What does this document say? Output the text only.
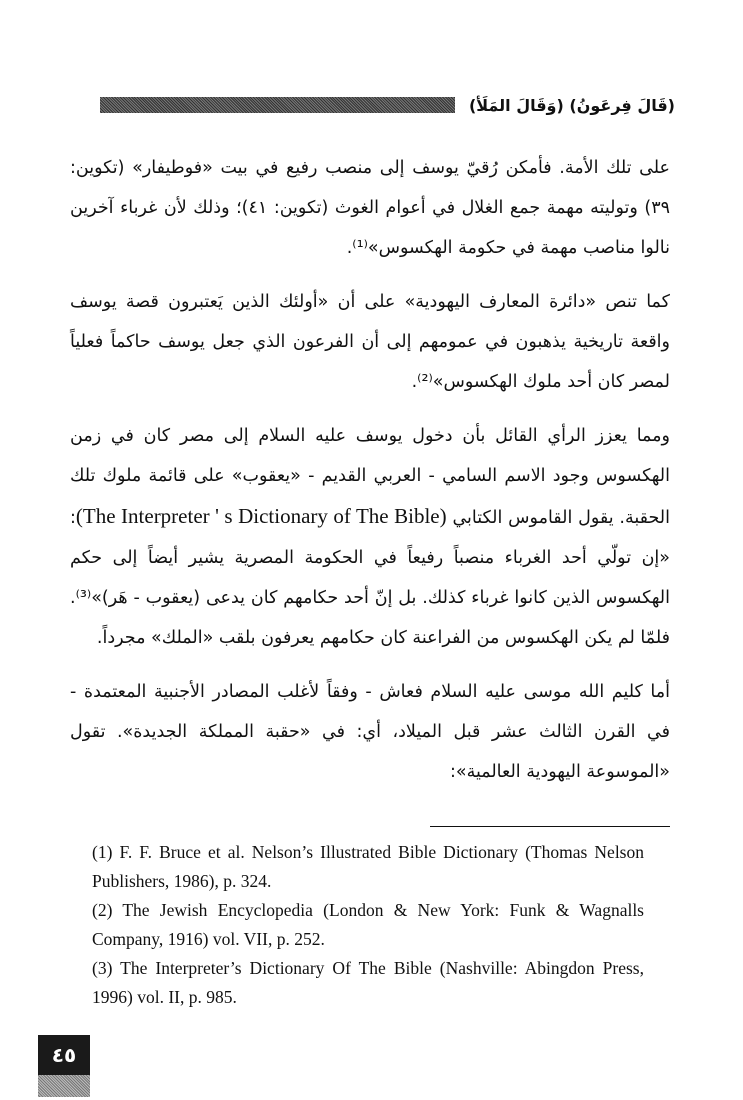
(قَالَ فِرعَونُ) (وَقَالَ المَلَأ)

على تلك الأمة. فأمكن رُقيّ يوسف إلى منصب رفيع في بيت «فوطيفار» (تكوين: ٣٩) وتوليته مهمة جمع الغلال في أعوام الغوث (تكوين: ٤١)؛ وذلك لأن غرباء آخرين نالوا مناصب مهمة في حكومة الهكسوس»⁽¹⁾.

كما تنص «دائرة المعارف اليهودية» على أن «أولئك الذين يَعتبرون قصة يوسف واقعة تاريخية يذهبون في عمومهم إلى أن الفرعون الذي جعل يوسف حاكماً فعلياً لمصر كان أحد ملوك الهكسوس»⁽²⁾.

ومما يعزز الرأي القائل بأن دخول يوسف عليه السلام إلى مصر كان في زمن الهكسوس وجود الاسم السامي - العربي القديم - «يعقوب» على قائمة ملوك تلك الحقبة. يقول القاموس الكتابي (The Interpreter ' s Dictionary of The Bible): «إن تولّي أحد الغرباء منصباً رفيعاً في الحكومة المصرية يشير أيضاً إلى حكم الهكسوس الذين كانوا غرباء كذلك. بل إنّ أحد حكامهم كان يدعى (يعقوب - هَر)»⁽³⁾. فلمّا لم يكن الهكسوس من الفراعنة كان حكامهم يعرفون بلقب «الملك» مجرداً.

أما كليم الله موسى عليه السلام فعاش - وفقاً لأغلب المصادر الأجنبية المعتمدة - في القرن الثالث عشر قبل الميلاد، أي: في «حقبة المملكة الجديدة». تقول «الموسوعة اليهودية العالمية»:

(1) F. F. Bruce et al. Nelson’s Illustrated Bible Dictionary (Thomas Nelson Publishers, 1986), p. 324.

(2) The Jewish Encyclopedia (London & New York: Funk & Wagnalls Company, 1916) vol. VII, p. 252.

(3) The Interpreter’s Dictionary Of The Bible (Nashville: Abingdon Press, 1996) vol. II, p. 985.

٤٥
